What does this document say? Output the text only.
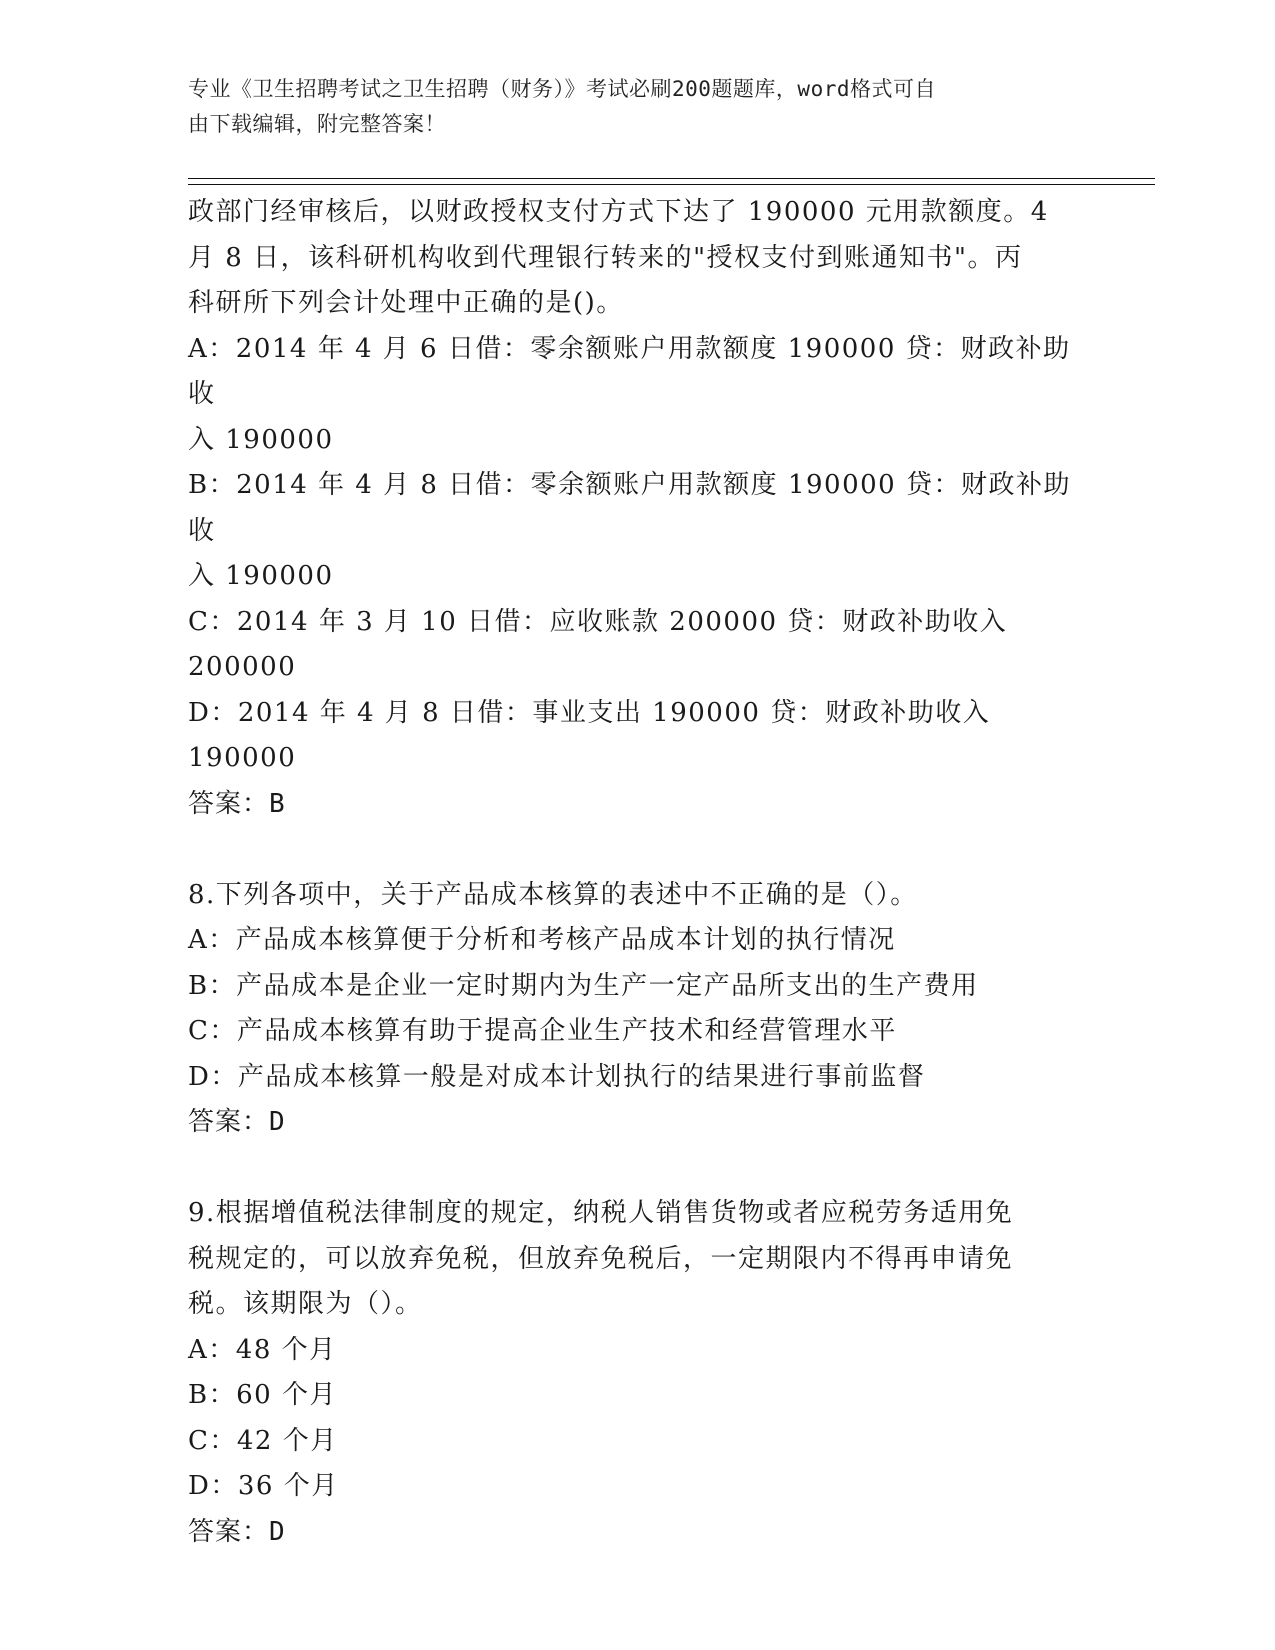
专业《卫生招聘考试之卫生招聘（财务）》考试必刷200题题库，word格式可自
由下载编辑，附完整答案！

政部门经审核后，以财政授权支付方式下达了 190000 元用款额度。4

月 8 日，该科研机构收到代理银行转来的"授权支付到账通知书"。丙

科研所下列会计处理中正确的是()。

A：2014 年 4 月 6 日借：零余额账户用款额度 190000 贷：财政补助收

入 190000

B：2014 年 4 月 8 日借：零余额账户用款额度 190000 贷：财政补助收

入 190000

C：2014 年 3 月 10 日借：应收账款 200000 贷：财政补助收入 200000

D：2014 年 4 月 8 日借：事业支出 190000 贷：财政补助收入 190000

答案：B

8.下列各项中，关于产品成本核算的表述中不正确的是（）。

A：产品成本核算便于分析和考核产品成本计划的执行情况

B：产品成本是企业一定时期内为生产一定产品所支出的生产费用

C：产品成本核算有助于提高企业生产技术和经营管理水平

D：产品成本核算一般是对成本计划执行的结果进行事前监督

答案：D

9.根据增值税法律制度的规定，纳税人销售货物或者应税劳务适用免

税规定的，可以放弃免税，但放弃免税后，一定期限内不得再申请免

税。该期限为（）。

A：48 个月

B：60 个月

C：42 个月

D：36 个月

答案：D
